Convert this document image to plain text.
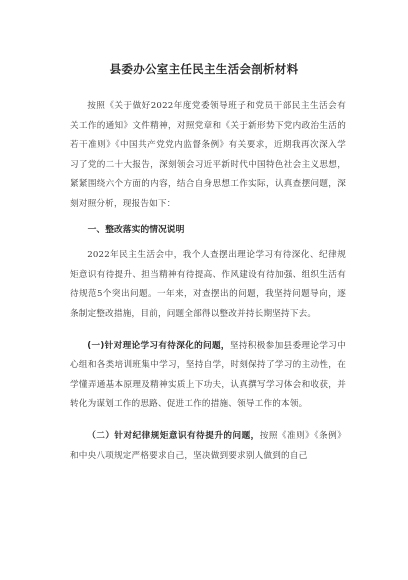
县委办公室主任民主生活会剖析材料

按照《关于做好2022年度党委领导班子和党员干部民主生活会有关工作的通知》文件精神，对照党章和《关于新形势下党内政治生活的若干准则》《中国共产党党内监督条例》有关要求，近期我再次深入学习了党的二十大报告，深刻领会习近平新时代中国特色社会主义思想，紧紧围绕六个方面的内容，结合自身思想工作实际，认真查摆问题，深刻对照分析，现报告如下：

一、整改落实的情况说明

2022年民主生活会中，我个人查摆出理论学习有待深化、纪律规矩意识有待提升、担当精神有待提高、作风建设有待加强、组织生活有待规范5个突出问题。一年来，对查摆出的问题，我坚持问题导向，逐条制定整改措施，目前，问题全部得以整改并持长期坚持下去。

(一)针对理论学习有待深化的问题，坚持积极参加县委理论学习中心组和各类培训班集中学习，坚持自学，时刻保持了学习的主动性，在学懂弄通基本原理及精神实质上下功夫，认真撰写学习体会和收获，并转化为谋划工作的思路、促进工作的措施、领导工作的本领。

（二）针对纪律规矩意识有待提升的问题，按照《准则》《条例》和中央八项规定严格要求自己，坚决做到要求别人做到的自己
